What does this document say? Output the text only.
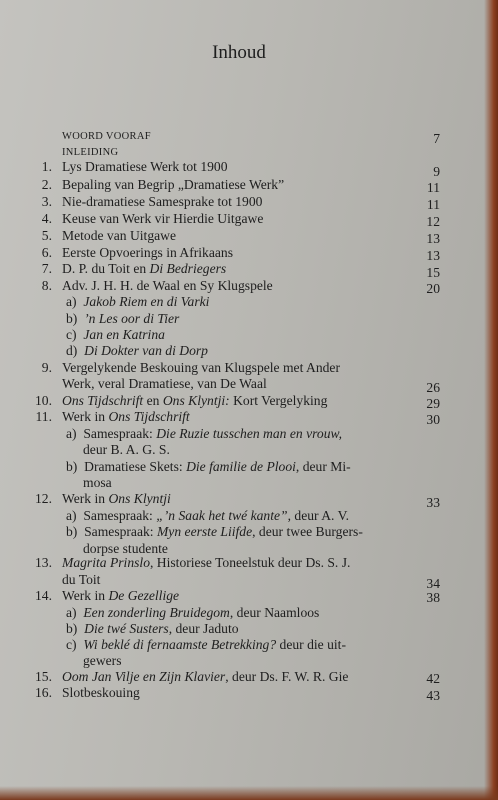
Inhoud
WOORD VOORAF	7
INLEIDING
1. Lys Dramatiese Werk tot 1900	9
2. Bepaling van Begrip „Dramatiese Werk”	11
3. Nie-dramatiese Samesprake tot 1900	11
4. Keuse van Werk vir Hierdie Uitgawe	12
5. Metode van Uitgawe	13
6. Eerste Opvoerings in Afrikaans	13
7. D. P. du Toit en Di Bedriegers	15
8. Adv. J. H. H. de Waal en Sy Klugspele	20
a)  Jakob Riem en di Varki
b)  ’n Les oor di Tier
c)  Jan en Katrina
d)  Di Dokter van di Dorp
9. Vergelykende Beskouing van Klugspele met Ander
Werk, veral Dramatiese, van De Waal	26
10. Ons Tijdschrift en Ons Klyntji: Kort Vergelyking	29
11. Werk in Ons Tijdschrift	30
a)  Samespraak: Die Ruzie tusschen man en vrouw,
deur B. A. G. S.
b)  Dramatiese Skets: Die familie de Plooi, deur Mi-
mosa
12. Werk in Ons Klyntji	33
a)  Samespraak: „’n Saak het twé kante”, deur A. V.
b)  Samespraak: Myn eerste Liifde, deur twee Burgers-
dorpse studente
13. Magrita Prinslo, Historiese Toneelstuk deur Ds. S. J.
du Toit	34
14. Werk in De Gezellige	38
a)  Een zonderling Bruidegom, deur Naamloos
b)  Die twé Susters, deur Jaduto
c)  Wi beklé di fernaamste Betrekking? deur die uit-
gewers
15. Oom Jan Vilje en Zijn Klavier, deur Ds. F. W. R. Gie	42
16. Slotbeskouing	43
